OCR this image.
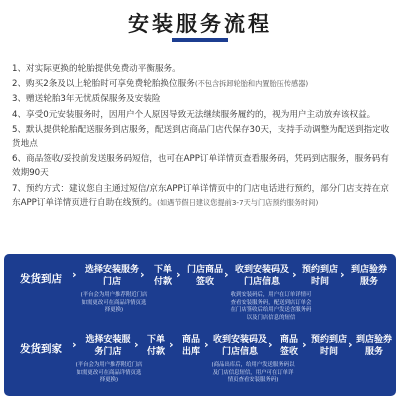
安装服务流程
1、对实际更换的轮胎提供免费动平衡服务。
2、购买2条及以上轮胎时可享免费轮胎换位服务(不包含拆卸轮胎和内置胎压传感器)
3、赠送轮胎3年无忧质保服务及安装险
4、享受0元安装服务时，因用户个人原因导致无法继续服务履约的，视为用户主动放弃该权益。
5、默认提供轮胎配送服务到店服务，配送到店商品门店代保存30天，支持手动调整为配送到指定收货地点
6、商品签收/妥投前发送服务码短信，也可在APP订单详情页查看服务码，凭码到店服务，服务码有效期90天
7、预约方式：建议您自主通过短信/京东APP订单详情页中的门店电话进行预约，部分门店支持在京东APP订单详情页进行自助在线预约。(如遇节假日建议您提前3-7天与门店预约服务时间)
发货到店 › 选择安装服务门店
›	下单付款
› 门店商品签收
› 收到安装码及门店信息
› 预约到店时间
› 到店验券服务
(平台会为用户推荐附近门店如需更改可在商品详情页选择更换)
收到安装码后，用户在订单详情可查看安装服务码，配送到店订单会在门店签收后给用户发送含服务码以及门店信息的短信
发货到家 › 选择安装服务门店
› 下单付款
› 商品出库
› 收到安装码及门店信息
› 商品签收
› 预约到店时间
› 到店验券服务
(平台会为用户推荐附近门店如需更改可在商品详情页选择更换)
(商品出库后，给用户发送服务码以及门店信息短信，用户可在订单详情页查看安装服务码)
